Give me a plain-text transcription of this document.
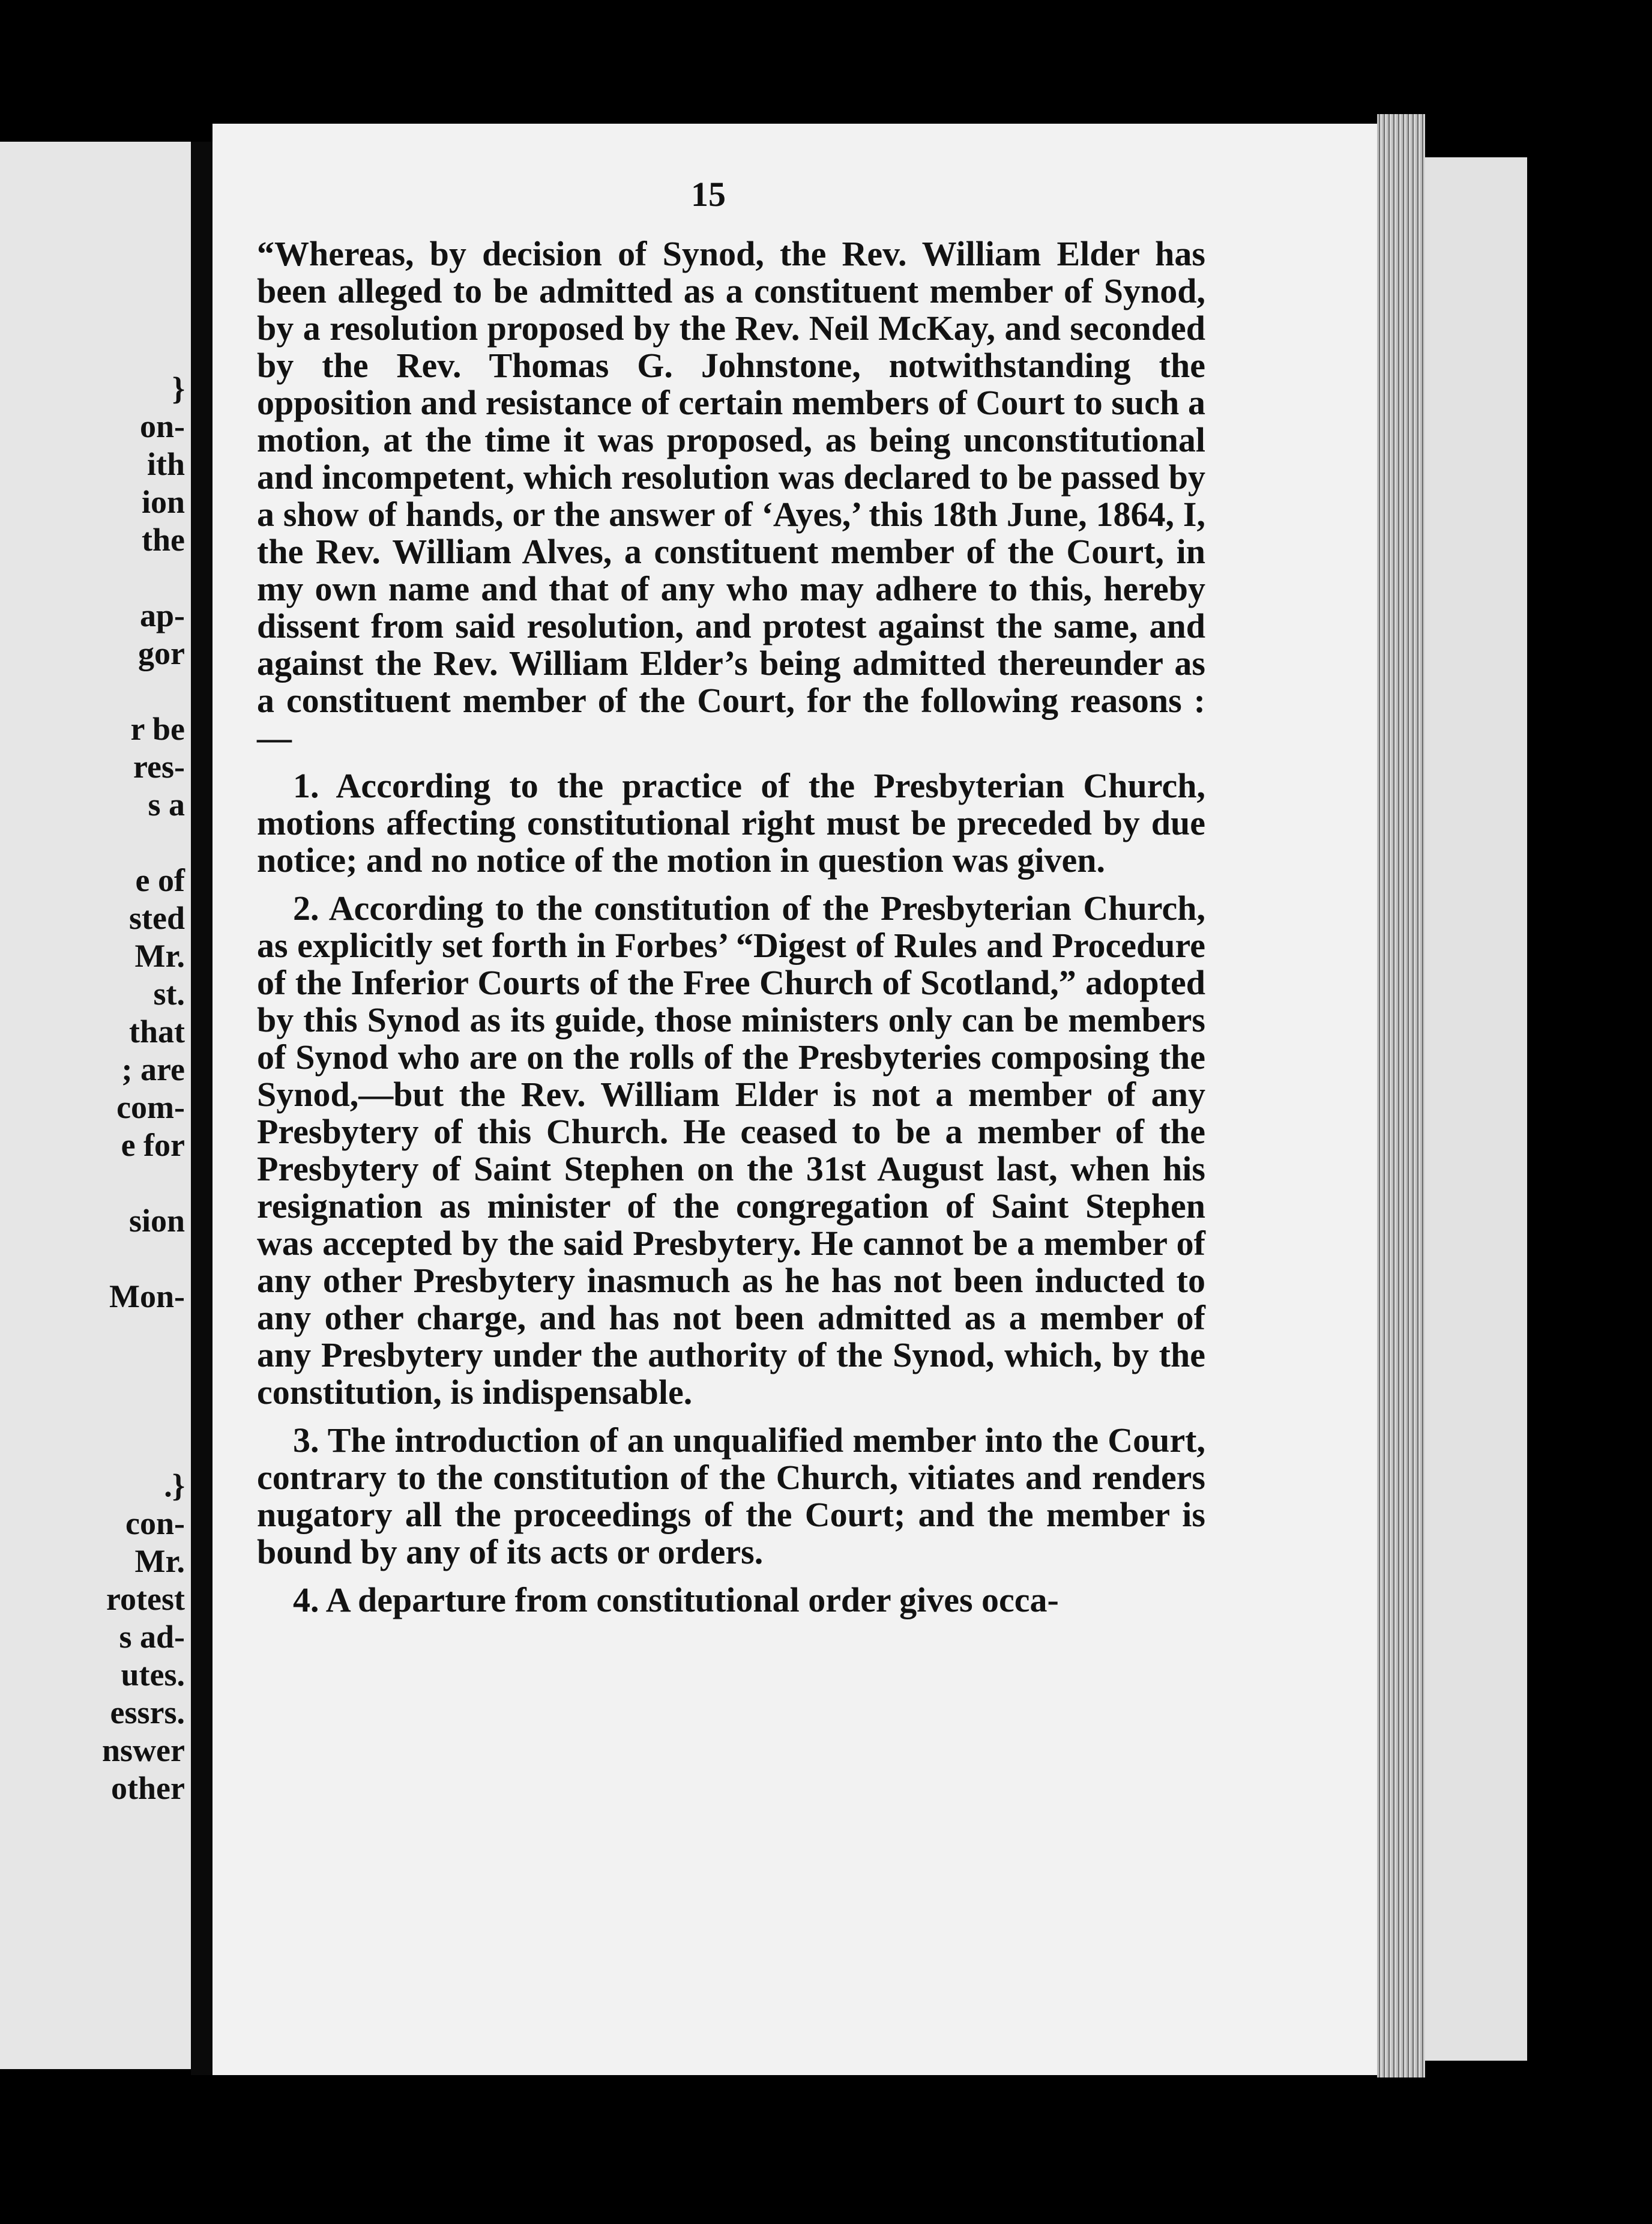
}
on-
ith
ion
the
ap-
gor
r be
res-
s a
e of
sted
Mr.
st.
that
; are
com-
e for
sion
Mon-
.}
con-
Mr.
rotest
s ad-
utes.
essrs.
nswer
other
15

“Whereas, by decision of Synod, the Rev. William Elder has been alleged to be admitted as a constituent member of Synod, by a resolution proposed by the Rev. Neil McKay, and seconded by the Rev. Thomas G. Johnstone, notwithstanding the opposition and resistance of certain members of Court to such a motion, at the time it was proposed, as being unconstitutional and incompetent, which resolution was declared to be passed by a show of hands, or the answer of ‘Ayes,’ this 18th June, 1864, I, the Rev. William Alves, a constituent member of the Court, in my own name and that of any who may adhere to this, hereby dissent from said resolution, and protest against the same, and against the Rev. William Elder’s being admitted thereunder as a constituent member of the Court, for the following reasons :—

1. According to the practice of the Presbyterian Church, motions affecting constitutional right must be preceded by due notice; and no notice of the motion in question was given.

2. According to the constitution of the Presbyterian Church, as explicitly set forth in Forbes’ “Digest of Rules and Procedure of the Inferior Courts of the Free Church of Scotland,” adopted by this Synod as its guide, those ministers only can be members of Synod who are on the rolls of the Presbyteries composing the Synod,—but the Rev. William Elder is not a member of any Presbytery of this Church. He ceased to be a member of the Presbytery of Saint Stephen on the 31st August last, when his resignation as minister of the congregation of Saint Stephen was accepted by the said Presbytery. He cannot be a member of any other Presbytery inasmuch as he has not been inducted to any other charge, and has not been admitted as a member of any Presbytery under the authority of the Synod, which, by the constitution, is indispensable.

3. The introduction of an unqualified member into the Court, contrary to the constitution of the Church, vitiates and renders nugatory all the proceedings of the Court; and the member is bound by any of its acts or orders.

4. A departure from constitutional order gives occa-
